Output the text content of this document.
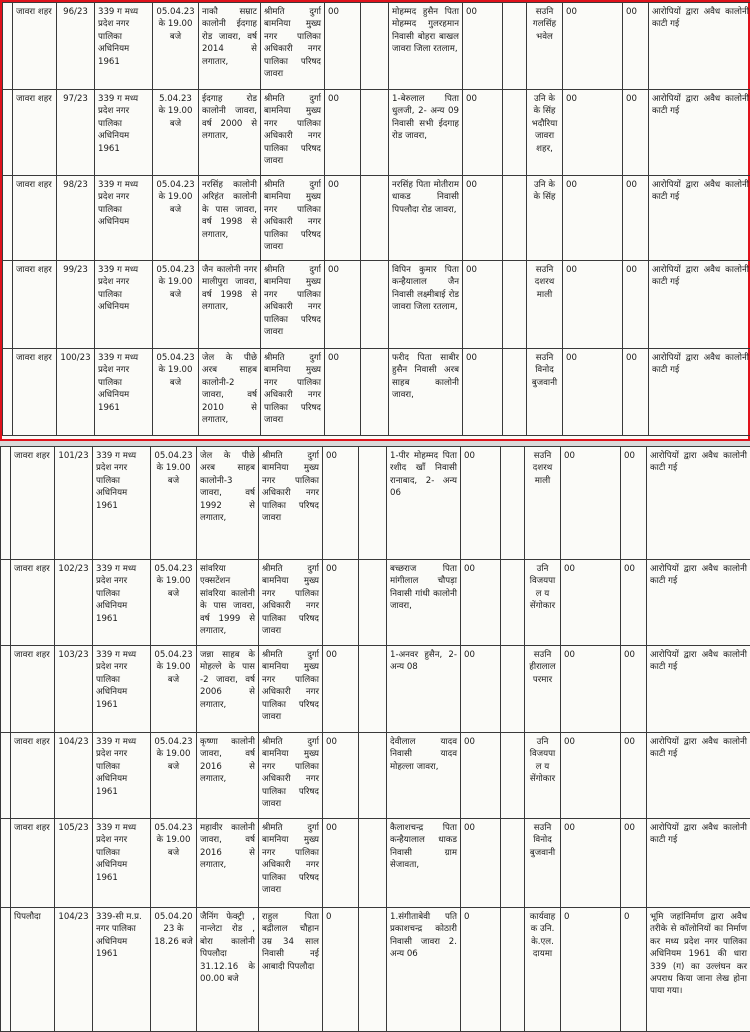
	जावरा शहर	96/23	339 ग मध्य प्रदेश नगर पालिका अधिनियम 1961	05.04.23 के 19.00 बजे	नाकौ सम्राट कालोनी ईदगाह रोड जावरा, वर्ष 2014 से लगातार,	श्रीमति दुर्गा बामनिया मुख्य नगर पालिका अधिकारी नगर पालिका परिषद जावरा	00		मोहम्मद हुसैन पिता मोहम्मद गुलरहमान निवासी बोहरा बाखल जावरा जिला रतलाम,	00		सउनि गलसिंह भवेल	00	00	आरोपियों द्वारा अवैध कालोनी काटी गई
	जावरा शहर	97/23	339 ग मध्य प्रदेश नगर पालिका अधिनियम 1961	5.04.23 के 19.00 बजे	ईदगाह रोड कालोनी जावरा, वर्ष 2000 से लगातार,	श्रीमति दुर्गा बामनिया मुख्य नगर पालिका अधिकारी नगर पालिका परिषद जावरा	00		1-बेरुलाल पिता धुलजी, 2- अन्य 09 निवासी सभी ईदगाह रोड जावरा,	00		उनि के के सिंह भदौरिया जावरा शहर,	00	00	आरोपियों द्वारा अवैध कालोनी काटी गई
	जावरा शहर	98/23	339 ग मध्य प्रदेश नगर पालिका अधिनियम	05.04.23 के 19.00 बजे	नरसिंह कालोनी अरिहंत कालोनी के पास जावरा, वर्ष 1998 से लगातार,	श्रीमति दुर्गा बामनिया मुख्य नगर पालिका अधिकारी नगर पालिका परिषद जावरा	00		नरसिंह पिता मोतीराम धाकड निवासी पिपलौदा रोड जावरा,	00		उनि के के सिंह	00	00	आरोपियों द्वारा अवैध कालोनी काटी गई
	जावरा शहर	99/23	339 ग मध्य प्रदेश नगर पालिका अधिनियम	05.04.23 के 19.00 बजे	जैन कालोनी नगर मालीपुरा जावरा, वर्ष 1998 से लगातार,	श्रीमति दुर्गा बामनिया मुख्य नगर पालिका अधिकारी नगर पालिका परिषद जावरा	00		विपिन कुमार पिता कन्हैयालाल जैन निवासी लक्ष्मीबाई रोड जावरा जिला रतलाम,	00		सउनि दशरथ माली	00	00	आरोपियों द्वारा अवैध कालोनी काटी गई
	जावरा शहर	100/23	339 ग मध्य प्रदेश नगर पालिका अधिनियम 1961	05.04.23 के 19.00 बजे	जेल के पीछे अरब साहब कालोनी-2 जावरा, वर्ष 2010 से लगातार,	श्रीमति दुर्गा बामनिया मुख्य नगर पालिका अधिकारी नगर पालिका परिषद जावरा	00		फरीद पिता साबीर हुसैन निवासी अरब साहब कालोनी जावरा,	00		सउनि विनोद बुजवानी	00	00	आरोपियों द्वारा अवैध कालोनी काटी गई
	जावरा शहर	101/23	339 ग मध्य प्रदेश नगर पालिका अधिनियम 1961	05.04.23 के 19.00 बजे	जेल के पीछे अरब साहब कालोनी-3 जावरा, वर्ष 1992 से लगातार,	श्रीमति दुर्गा बामनिया मुख्य नगर पालिका अधिकारी नगर पालिका परिषद जावरा	00		1-पीर मोहम्मद पिता रशीद खाँ निवासी रानाबाद, 2- अन्य 06	00		सउनि दशरथ माली	00	00	आरोपियों द्वारा अवैध कालोनी काटी गई
	जावरा शहर	102/23	339 ग मध्य प्रदेश नगर पालिका अधिनियम 1961	05.04.23 के 19.00 बजे	सांवरिया एक्सटेंशन सांवरिया कालोनी के पास जावरा, वर्ष 1999 से लगातार,	श्रीमति दुर्गा बामनिया मुख्य नगर पालिका अधिकारी नगर पालिका परिषद जावरा	00		बच्छराज पिता मांगीलाल चौपड़ा निवासी गांधी कालोनी जावरा,	00		उनि विजयपाल य सेंगोकार	00	00	आरोपियों द्वारा अवैध कालोनी काटी गई
	जावरा शहर	103/23	339 ग मध्य प्रदेश नगर पालिका अधिनियम 1961	05.04.23 के 19.00 बजे	जन्ना साहब के मोहल्ले के पास -2 जावरा, वर्ष 2006 से लगातार,	श्रीमति दुर्गा बामनिया मुख्य नगर पालिका अधिकारी नगर पालिका परिषद जावरा	00		1-अनवर हुसैन, 2- अन्य 08	00		सउनि हीरालाल परमार	00	00	आरोपियों द्वारा अवैध कालोनी काटी गई
	जावरा शहर	104/23	339 ग मध्य प्रदेश नगर पालिका अधिनियम 1961	05.04.23 के 19.00 बजे	कृष्णा कालोनी जावरा, वर्ष 2016 से लगातार,	श्रीमति दुर्गा बामनिया मुख्य नगर पालिका अधिकारी नगर पालिका परिषद जावरा	00		देवीलाल यादव निवासी यादव मोहल्ला जावरा,	00		उनि विजयपाल य सेंगोकार	00	00	आरोपियों द्वारा अवैध कालोनी काटी गई
	जावरा शहर	105/23	339 ग मध्य प्रदेश नगर पालिका अधिनियम 1961	05.04.23 के 19.00 बजे	महावीर कालोनी जावरा, वर्ष 2016 से लगातार,	श्रीमति दुर्गा बामनिया मुख्य नगर पालिका अधिकारी नगर पालिका परिषद जावरा	00		कैलाशचन्द्र पिता कन्हैयालाल धाकड निवासी ग्राम सेजावता,	00		सउनि विनोद बुजवानी	00	00	आरोपियों द्वारा अवैध कालोनी काटी गई
	पिपलौदा	104/23	339-सी म.प्र. नगर पालिका अधिनियम 1961	05.04.20 23 के 18.26 बजे	जैनिंग फेक्ट्री , नान्लेटा रोड , बोरा कालोनी पिपलौदा 31.12.16 के 00.00 बजे	राहुल पिता बद्रीलाल चौहान उम्र 34 साल निवासी नई आबादी पिपलौदा	0		1.संगीताबेवी पति प्रकाशचन्द्र कोठारी निवासी जावरा 2. अन्य 06	0		कार्यवाह क उनि. के.एल. दायमा	0	0	भूमि जहांनिर्माण द्वारा अवैध तरीके से कॉलोनियों का निर्माण कर मध्य प्रदेश नगर पालिका अधिनियम 1961 की धारा 339 (ग) का उल्लंघन कर अपराध किया जाना लेख होना पाया गया।
